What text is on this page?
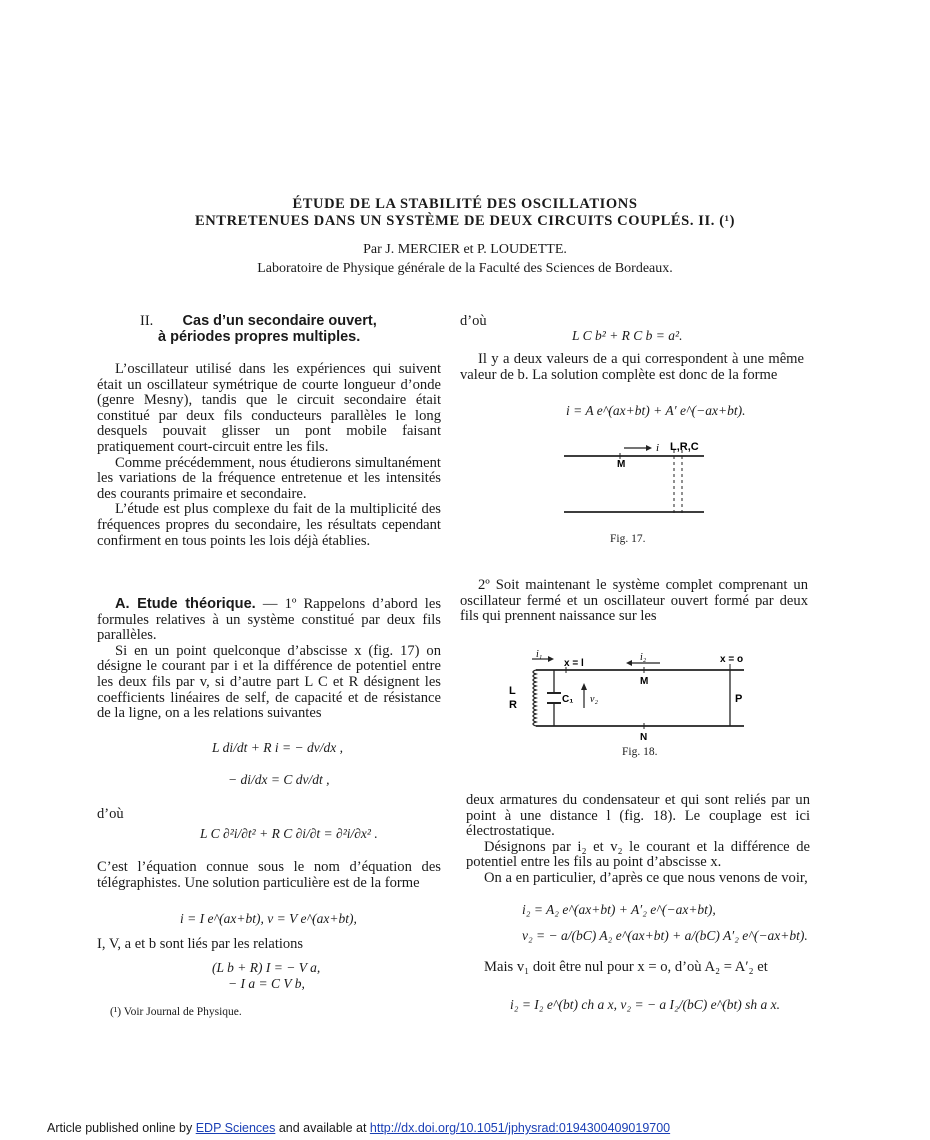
ÉTUDE DE LA STABILITÉ DES OSCILLATIONS
ENTRETENUES DANS UN SYSTÈME DE DEUX CIRCUITS COUPLÉS. II. (¹)
Par J. MERCIER et P. LOUDETTE.
Laboratoire de Physique générale de la Faculté des Sciences de Bordeaux.
II. Cas d’un secondaire ouvert,
à périodes propres multiples.

L’oscillateur utilisé dans les expériences qui suivent était un oscillateur symétrique de courte longueur d’onde (genre Mesny), tandis que le circuit secondaire était constitué par deux fils conducteurs parallèles le long desquels pouvait glisser un pont mobile faisant pratiquement court-circuit entre les fils.

Comme précédemment, nous étudierons simultanément les variations de la fréquence entretenue et les intensités des courants primaire et secondaire.

L’étude est plus complexe du fait de la multiplicité des fréquences propres du secondaire, les résultats cependant confirment en tous points les lois déjà établies.

A. Etude théorique. — 1º Rappelons d’abord les formules relatives à un système constitué par deux fils parallèles.

Si en un point quelconque d’abscisse x (fig. 17) on désigne le courant par i et la différence de potentiel entre les deux fils par v, si d’autre part L C et R désignent les coefficients linéaires de self, de capacité et de résistance de la ligne, on a les relations suivantes

L di/dt + R i = − dv/dx ,
− di/dx = C dv/dt ,
d’où
L C ∂²i/∂t² + R C ∂i/∂t = ∂²i/∂x² .

C’est l’équation connue sous le nom d’équation des télégraphistes. Une solution particulière est de la forme

i = I e^(ax+bt), v = V e^(ax+bt),
I, V, a et b sont liés par les relations
(L b + R) I = − V a,
− I a = C V b,
(¹) Voir Journal de Physique.
d’où
L C b² + R C b = a².

Il y a deux valeurs de a qui correspondent à une même valeur de b. La solution complète est donc de la forme

i = A e^(ax+bt) + A′ e^(−ax+bt).
i L,R,C
M
Fig. 17.

2º Soit maintenant le système complet comprenant un oscillateur fermé et un oscillateur ouvert formé par deux fils qui prennent naissance sur les

i₁
x = l
i₂	x = o
L
R	C₁ v₂
M
N
P
Fig. 18.

deux armatures du condensateur et qui sont reliés par un point à une distance l (fig. 18). Le couplage est ici électrostatique.

Désignons par i₂ et v₂ le courant et la différence de potentiel entre les fils au point d’abscisse x.

On a en particulier, d’après ce que nous venons de voir,

i₂ = A₂ e^(ax+bt) + A′₂ e^(−ax+bt),
v₂ = − a/(bC) A₂ e^(ax+bt) + a/(bC) A′₂ e^(−ax+bt).

Mais v₁ doit être nul pour x = o, d’où A₂ = A′₂ et

i₂ = I₂ e^(bt) ch a x, v₂ = − a I₂/(bC) e^(bt) sh a x.
Article published online by EDP Sciences and available at http://dx.doi.org/10.1051/jphysrad:0194300409019700
